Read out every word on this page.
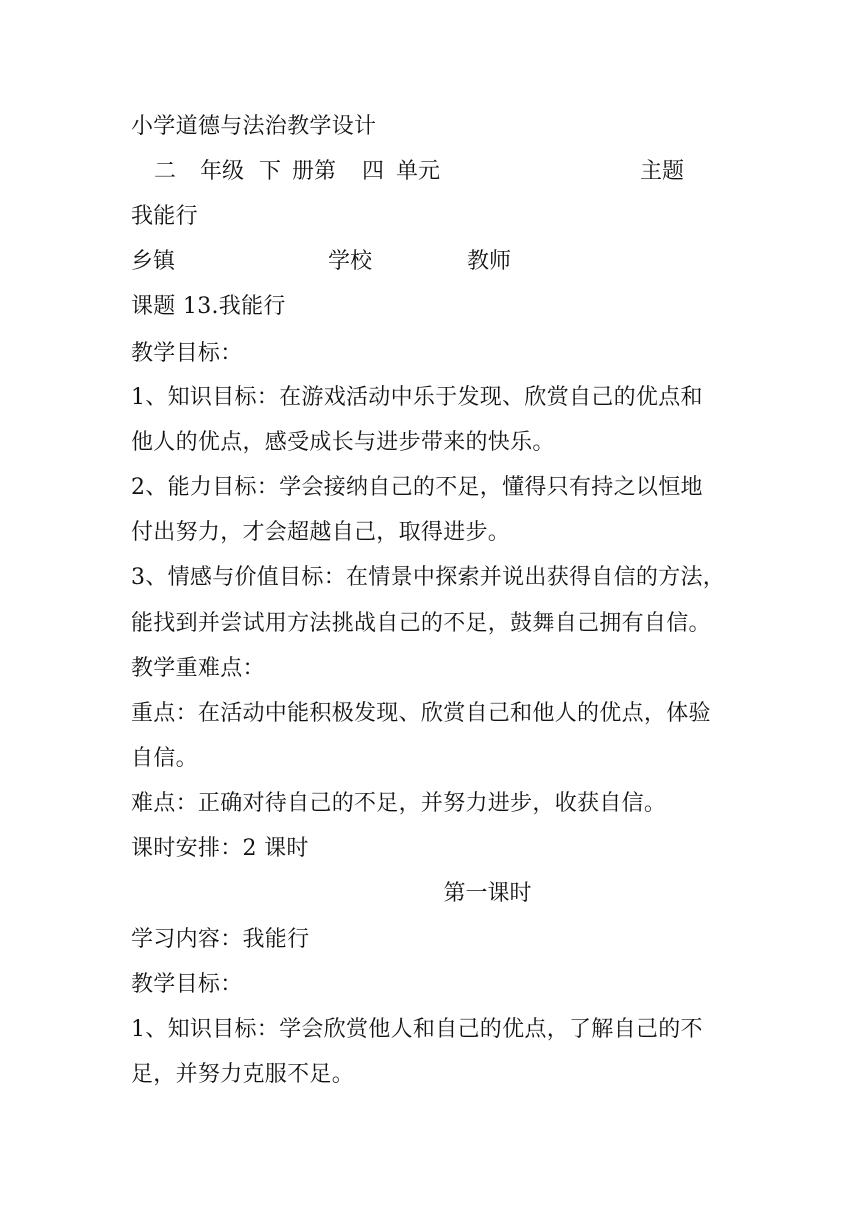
小学道德与法治教学设计
二 年级 下 册第 四 单元	主题
我能行
乡镇	学校	教师
课题 13.我能行
教学目标：
1、知识目标：在游戏活动中乐于发现、欣赏自己的优点和
他人的优点，感受成长与进步带来的快乐。
2、能力目标：学会接纳自己的不足，懂得只有持之以恒地
付出努力，才会超越自己，取得进步。
3、情感与价值目标：在情景中探索并说出获得自信的方法，
能找到并尝试用方法挑战自己的不足，鼓舞自己拥有自信。
教学重难点：
重点：在活动中能积极发现、欣赏自己和他人的优点，体验
自信。
难点：正确对待自己的不足，并努力进步，收获自信。
课时安排：2 课时
第一课时
学习内容：我能行
教学目标：
1、知识目标：学会欣赏他人和自己的优点，了解自己的不
足，并努力克服不足。
